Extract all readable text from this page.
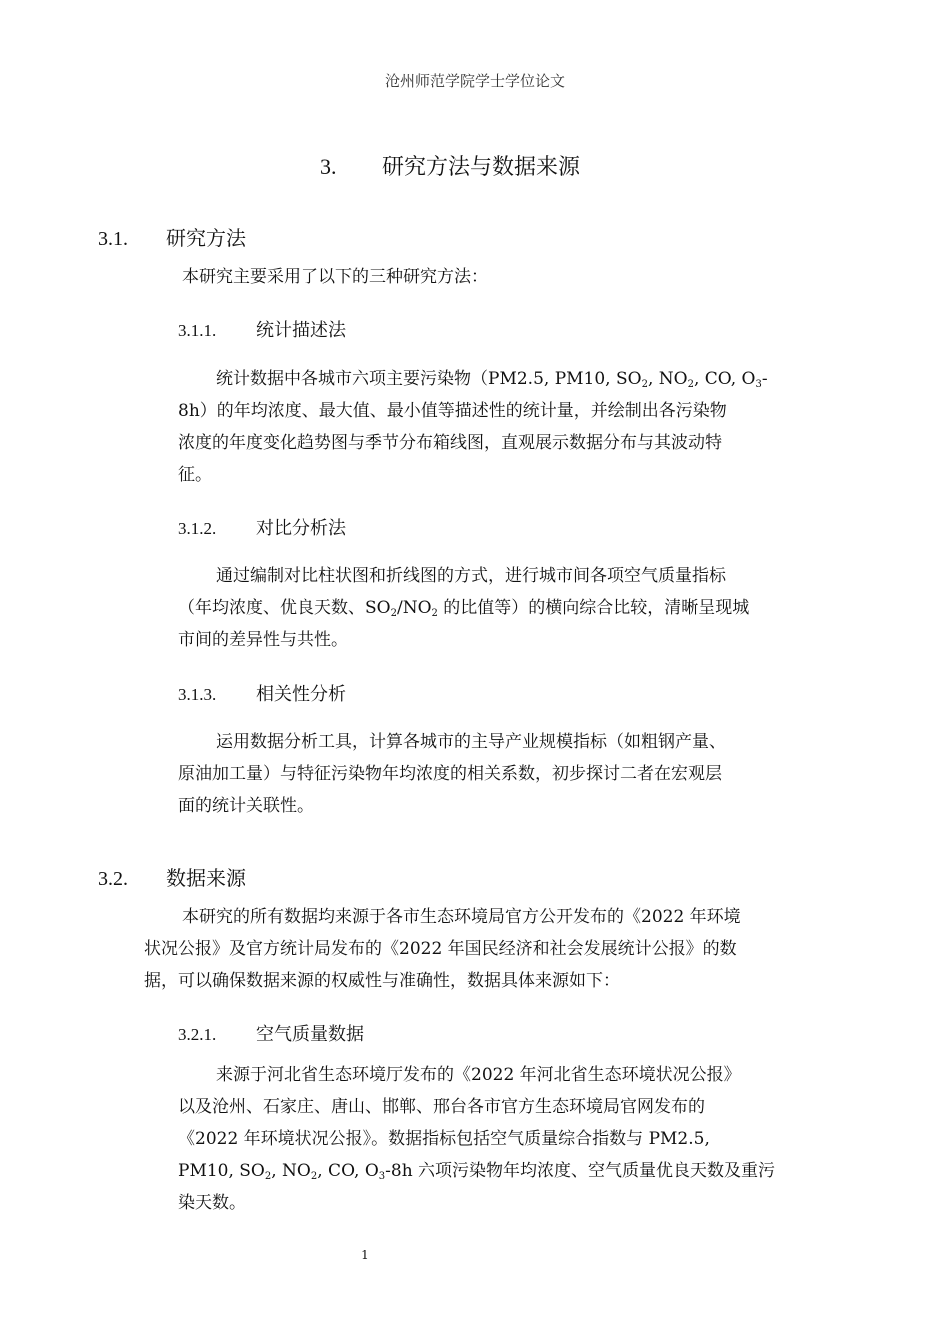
沧州师范学院学士学位论文
3. 研究方法与数据来源
3.1. 研究方法
本研究主要采用了以下的三种研究方法：
3.1.1. 统计描述法
统计数据中各城市六项主要污染物（PM2.5, PM10, $SO_2$, $NO_2$, CO, $O_3-$
8h）的年均浓度、最大值、最小值等描述性的统计量，并绘制出各污染物
浓度的年度变化趋势图与季节分布箱线图，直观展示数据分布与其波动特
征。
3.1.2. 对比分析法
通过编制对比柱状图和折线图的方式，进行城市间各项空气质量指标
（年均浓度、优良天数、$SO_2/NO_2$ 的比值等）的横向综合比较，清晰呈现城
市间的差异性与共性。
3.1.3. 相关性分析
运用数据分析工具，计算各城市的主导产业规模指标（如粗钢产量、
原油加工量）与特征污染物年均浓度的相关系数，初步探讨二者在宏观层
面的统计关联性。
3.2. 数据来源
本研究的所有数据均来源于各市生态环境局官方公开发布的《2022 年环境
状况公报》及官方统计局发布的《2022 年国民经济和社会发展统计公报》的数
据，可以确保数据来源的权威性与准确性，数据具体来源如下：
3.2.1. 空气质量数据
来源于河北省生态环境厅发布的《2022 年河北省生态环境状况公报》
以及沧州、石家庄、唐山、邯郸、邢台各市官方生态环境局官网发布的
《2022 年环境状况公报》。数据指标包括空气质量综合指数与 PM2.5,
PM10, $SO_2$, $NO_2$, CO, $O_3-8h$ 六项污染物年均浓度、空气质量优良天数及重污
染天数。
1
